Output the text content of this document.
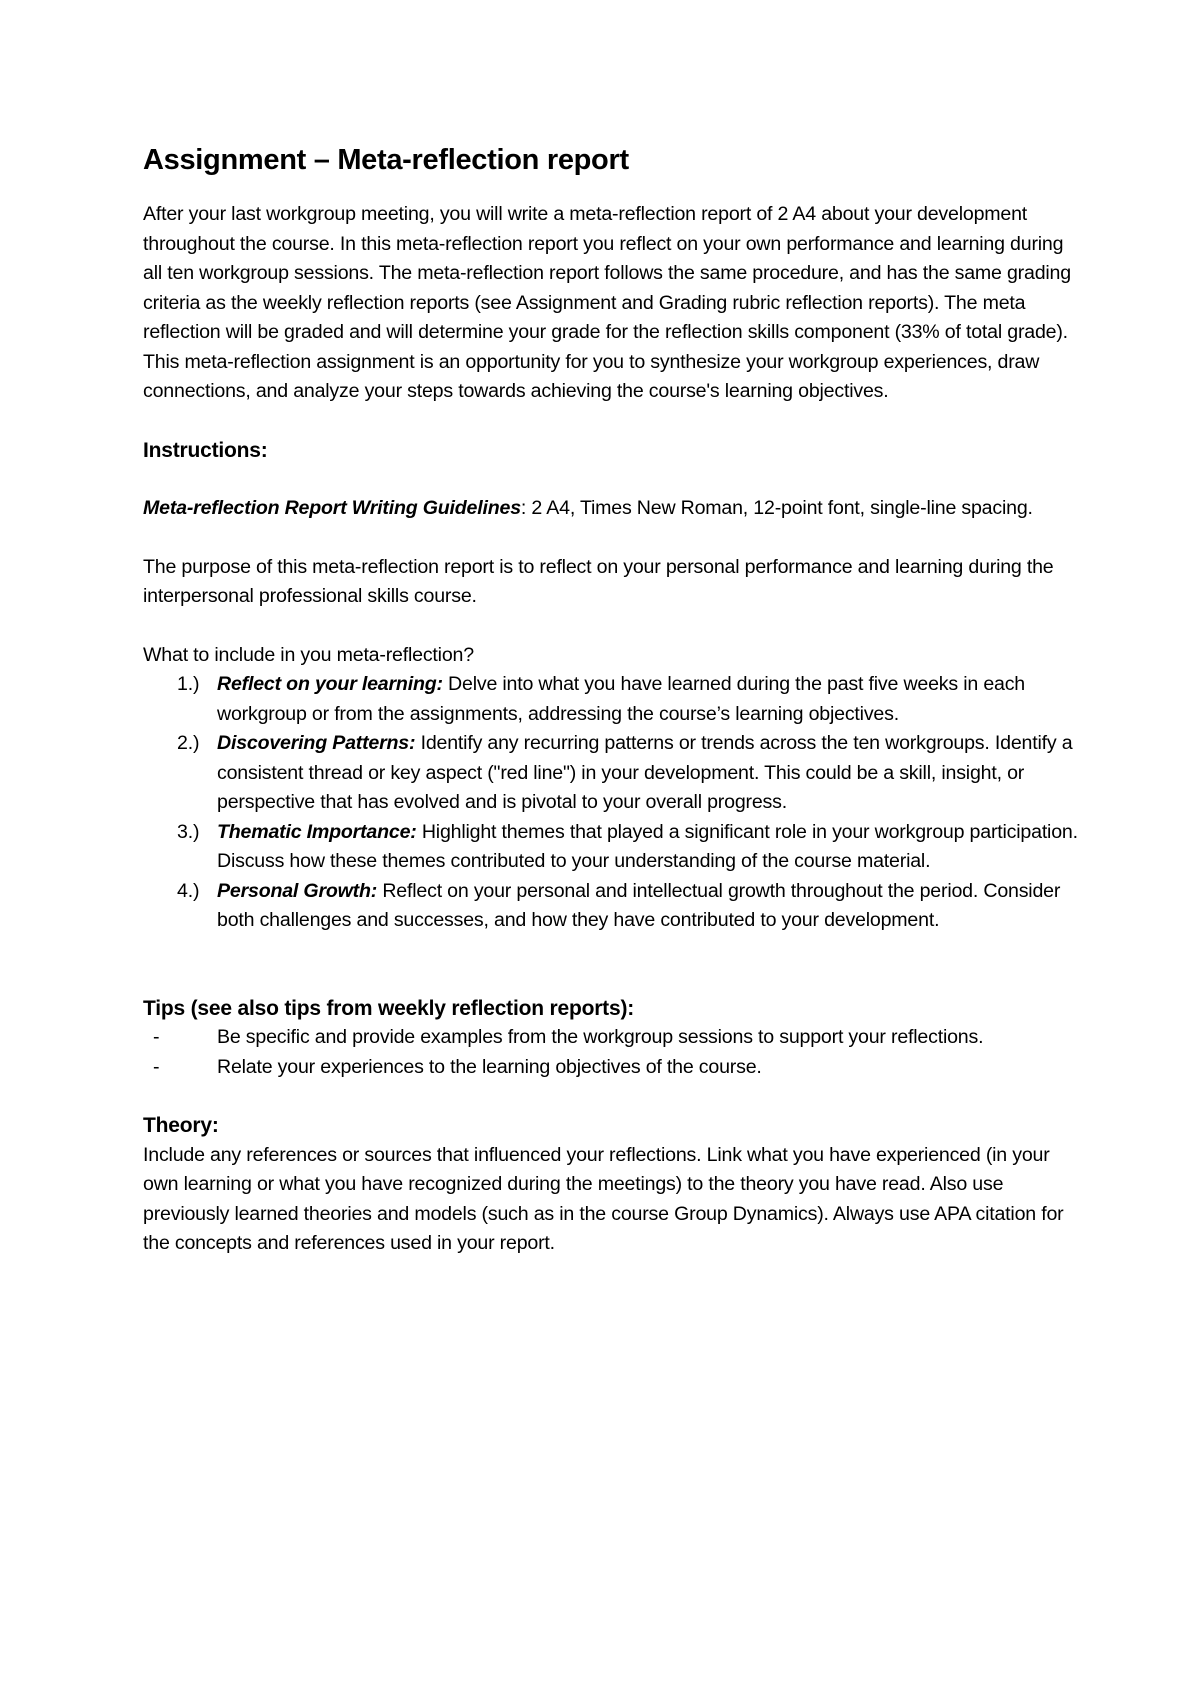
Assignment – Meta-reflection report

After your last workgroup meeting, you will write a meta-reflection report of 2 A4 about your development throughout the course. In this meta-reflection report you reflect on your own performance and learning during all ten workgroup sessions. The meta-reflection report follows the same procedure, and has the same grading criteria as the weekly reflection reports (see Assignment and Grading rubric reflection reports). The meta reflection will be graded and will determine your grade for the reflection skills component (33% of total grade). This meta-reflection assignment is an opportunity for you to synthesize your workgroup experiences, draw connections, and analyze your steps towards achieving the course's learning objectives.

Instructions:

Meta-reflection Report Writing Guidelines: 2 A4, Times New Roman, 12-point font, single-line spacing.

The purpose of this meta-reflection report is to reflect on your personal performance and learning during the interpersonal professional skills course.

What to include in you meta-reflection?

1.) Reflect on your learning: Delve into what you have learned during the past five weeks in each workgroup or from the assignments, addressing the course’s learning objectives.
2.) Discovering Patterns: Identify any recurring patterns or trends across the ten workgroups. Identify a consistent thread or key aspect ("red line") in your development. This could be a skill, insight, or perspective that has evolved and is pivotal to your overall progress.
3.) Thematic Importance: Highlight themes that played a significant role in your workgroup participation. Discuss how these themes contributed to your understanding of the course material.
4.) Personal Growth: Reflect on your personal and intellectual growth throughout the period. Consider both challenges and successes, and how they have contributed to your development.

Tips (see also tips from weekly reflection reports):

-	Be specific and provide examples from the workgroup sessions to support your reflections.
-	Relate your experiences to the learning objectives of the course.

Theory:

Include any references or sources that influenced your reflections. Link what you have experienced (in your own learning or what you have recognized during the meetings) to the theory you have read. Also use previously learned theories and models (such as in the course Group Dynamics). Always use APA citation for the concepts and references used in your report.
